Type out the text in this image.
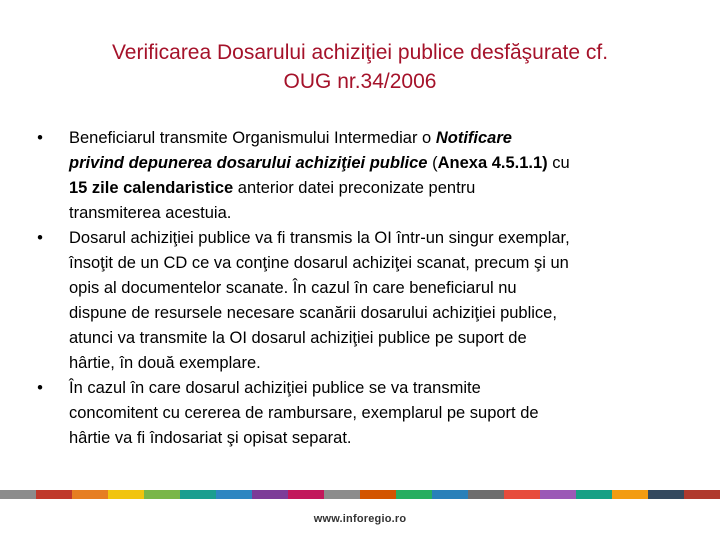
Verificarea Dosarului achiziţiei publice desfăşurate cf.
OUG nr.34/2006
•	Beneficiarul transmite Organismului Intermediar o Notificare
privind depunerea dosarului achiziţiei publice (Anexa 4.5.1.1) cu
15 zile calendaristice anterior datei preconizate pentru
transmiterea acestuia.
•	Dosarul achiziţiei publice va fi transmis la OI într-un singur exemplar,
însoţit de un CD ce va conţine dosarul achiziţei scanat, precum şi un
opis al documentelor scanate. În cazul în care beneficiarul nu
dispune de resursele necesare scanării dosarului achiziţiei publice,
atunci va transmite la OI dosarul achiziţiei publice pe suport de
hârtie, în două exemplare.
•	În cazul în care dosarul achiziţiei publice se va transmite
concomitent cu cererea de rambursare, exemplarul pe suport de
hârtie va fi îndosariat şi opisat separat.
www.inforegio.ro
